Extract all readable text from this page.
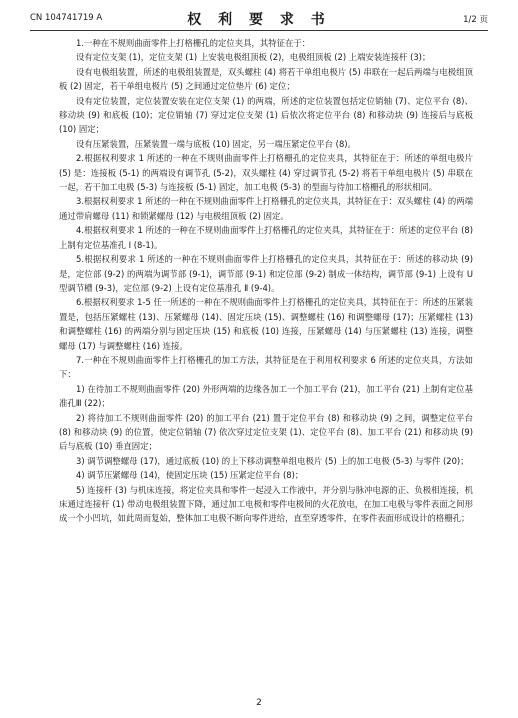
CN 104741719 A	权 利 要 求 书	1/2 页

1.一种在不规则曲面零件上打格栅孔的定位夹具，其特征在于：

设有定位支架 (1)，定位支架 (1) 上安装电极组顶板 (2)，电极组顶板 (2) 上端安装连接杆 (3)；

设有电极组装置，所述的电极组装置是，双头螺柱 (4) 将若干单组电极片 (5) 串联在一起后两端与电极组顶板 (2) 固定，若干单组电极片 (5) 之间通过定位垫片 (6) 定位；

设有定位装置，定位装置安装在定位支架 (1) 的两端，所述的定位装置包括定位销轴 (7)、定位平台 (8)、移动块 (9) 和底板 (10)；定位销轴 (7) 穿过定位支架 (1) 后依次将定位平台 (8) 和移动块 (9) 连接后与底板 (10) 固定；

设有压紧装置，压紧装置一端与底板 (10) 固定，另一端压紧定位平台 (8)。

2.根据权利要求 1 所述的一种在不规则曲面零件上打格栅孔的定位夹具，其特征在于：所述的单组电极片 (5) 是：连接板 (5-1) 的两端设有调节孔 (5-2)，双头螺柱 (4) 穿过调节孔 (5-2) 将若干单组电极片 (5) 串联在一起，若干加工电极 (5-3) 与连接板 (5-1) 固定，加工电极 (5-3) 的型面与待加工格栅孔的形状相同。

3.根据权利要求 1 所述的一种在不规则曲面零件上打格栅孔的定位夹具，其特征在于：双头螺柱 (4) 的两端通过带肩螺母 (11) 和锁紧螺母 (12) 与电极组顶板 (2) 固定。

4.根据权利要求 1 所述的一种在不规则曲面零件上打格栅孔的定位夹具，其特征在于：所述的定位平台 (8) 上制有定位基准孔 Ⅰ (8-1)。

5.根据权利要求 1 所述的一种在不规则曲面零件上打格栅孔的定位夹具，其特征在于：所述的移动块 (9) 是，定位部 (9-2) 的两端为调节部 (9-1)，调节部 (9-1) 和定位部 (9-2) 制成一体结构，调节部 (9-1) 上设有 U 型调节槽 (9-3)，定位部 (9-2) 上设有定位基准孔 Ⅱ (9-4)。

6.根据权利要求 1-5 任一所述的一种在不规则曲面零件上打格栅孔的定位夹具，其特征在于：所述的压紧装置是，包括压紧螺柱 (13)、压紧螺母 (14)、固定压块 (15)、调整螺柱 (16) 和调整螺母 (17)；压紧螺柱 (13) 和调整螺柱 (16) 的两端分别与固定压块 (15) 和底板 (10) 连接，压紧螺母 (14) 与压紧螺柱 (13) 连接，调整螺母 (17) 与调整螺柱 (16) 连接。

7.一种在不规则曲面零件上打格栅孔的加工方法，其特征是在于利用权利要求 6 所述的定位夹具，方法如下：

1) 在待加工不规则曲面零件 (20) 外形两端的边缘各加工一个加工平台 (21)，加工平台 (21) 上制有定位基准孔Ⅲ (22)；

2) 将待加工不规则曲面零件 (20) 的加工平台 (21) 置于定位平台 (8) 和移动块 (9) 之间，调整定位平台 (8) 和移动块 (9) 的位置，使定位销轴 (7) 依次穿过定位支架 (1)、定位平台 (8)、加工平台 (21) 和移动块 (9) 后与底板 (10) 垂直固定；

3) 调节调整螺母 (17)，通过底板 (10) 的上下移动调整单组电极片 (5) 上的加工电极 (5-3) 与零件 (20)；

4) 调节压紧螺母 (14)，使固定压块 (15) 压紧定位平台 (8)；

5) 连接杆 (3) 与机床连接，将定位夹具和零件一起浸入工作液中，并分别与脉冲电源的正、负极相连接，机床通过连接杆 (1) 带动电极组装置下降，通过加工电极和零件电极间的火花放电，在加工电极与零件表面之间形成一个小凹坑，如此周而复始，整体加工电极不断向零件进给，直至穿透零件，在零件表面形成设计的格栅孔；

2
